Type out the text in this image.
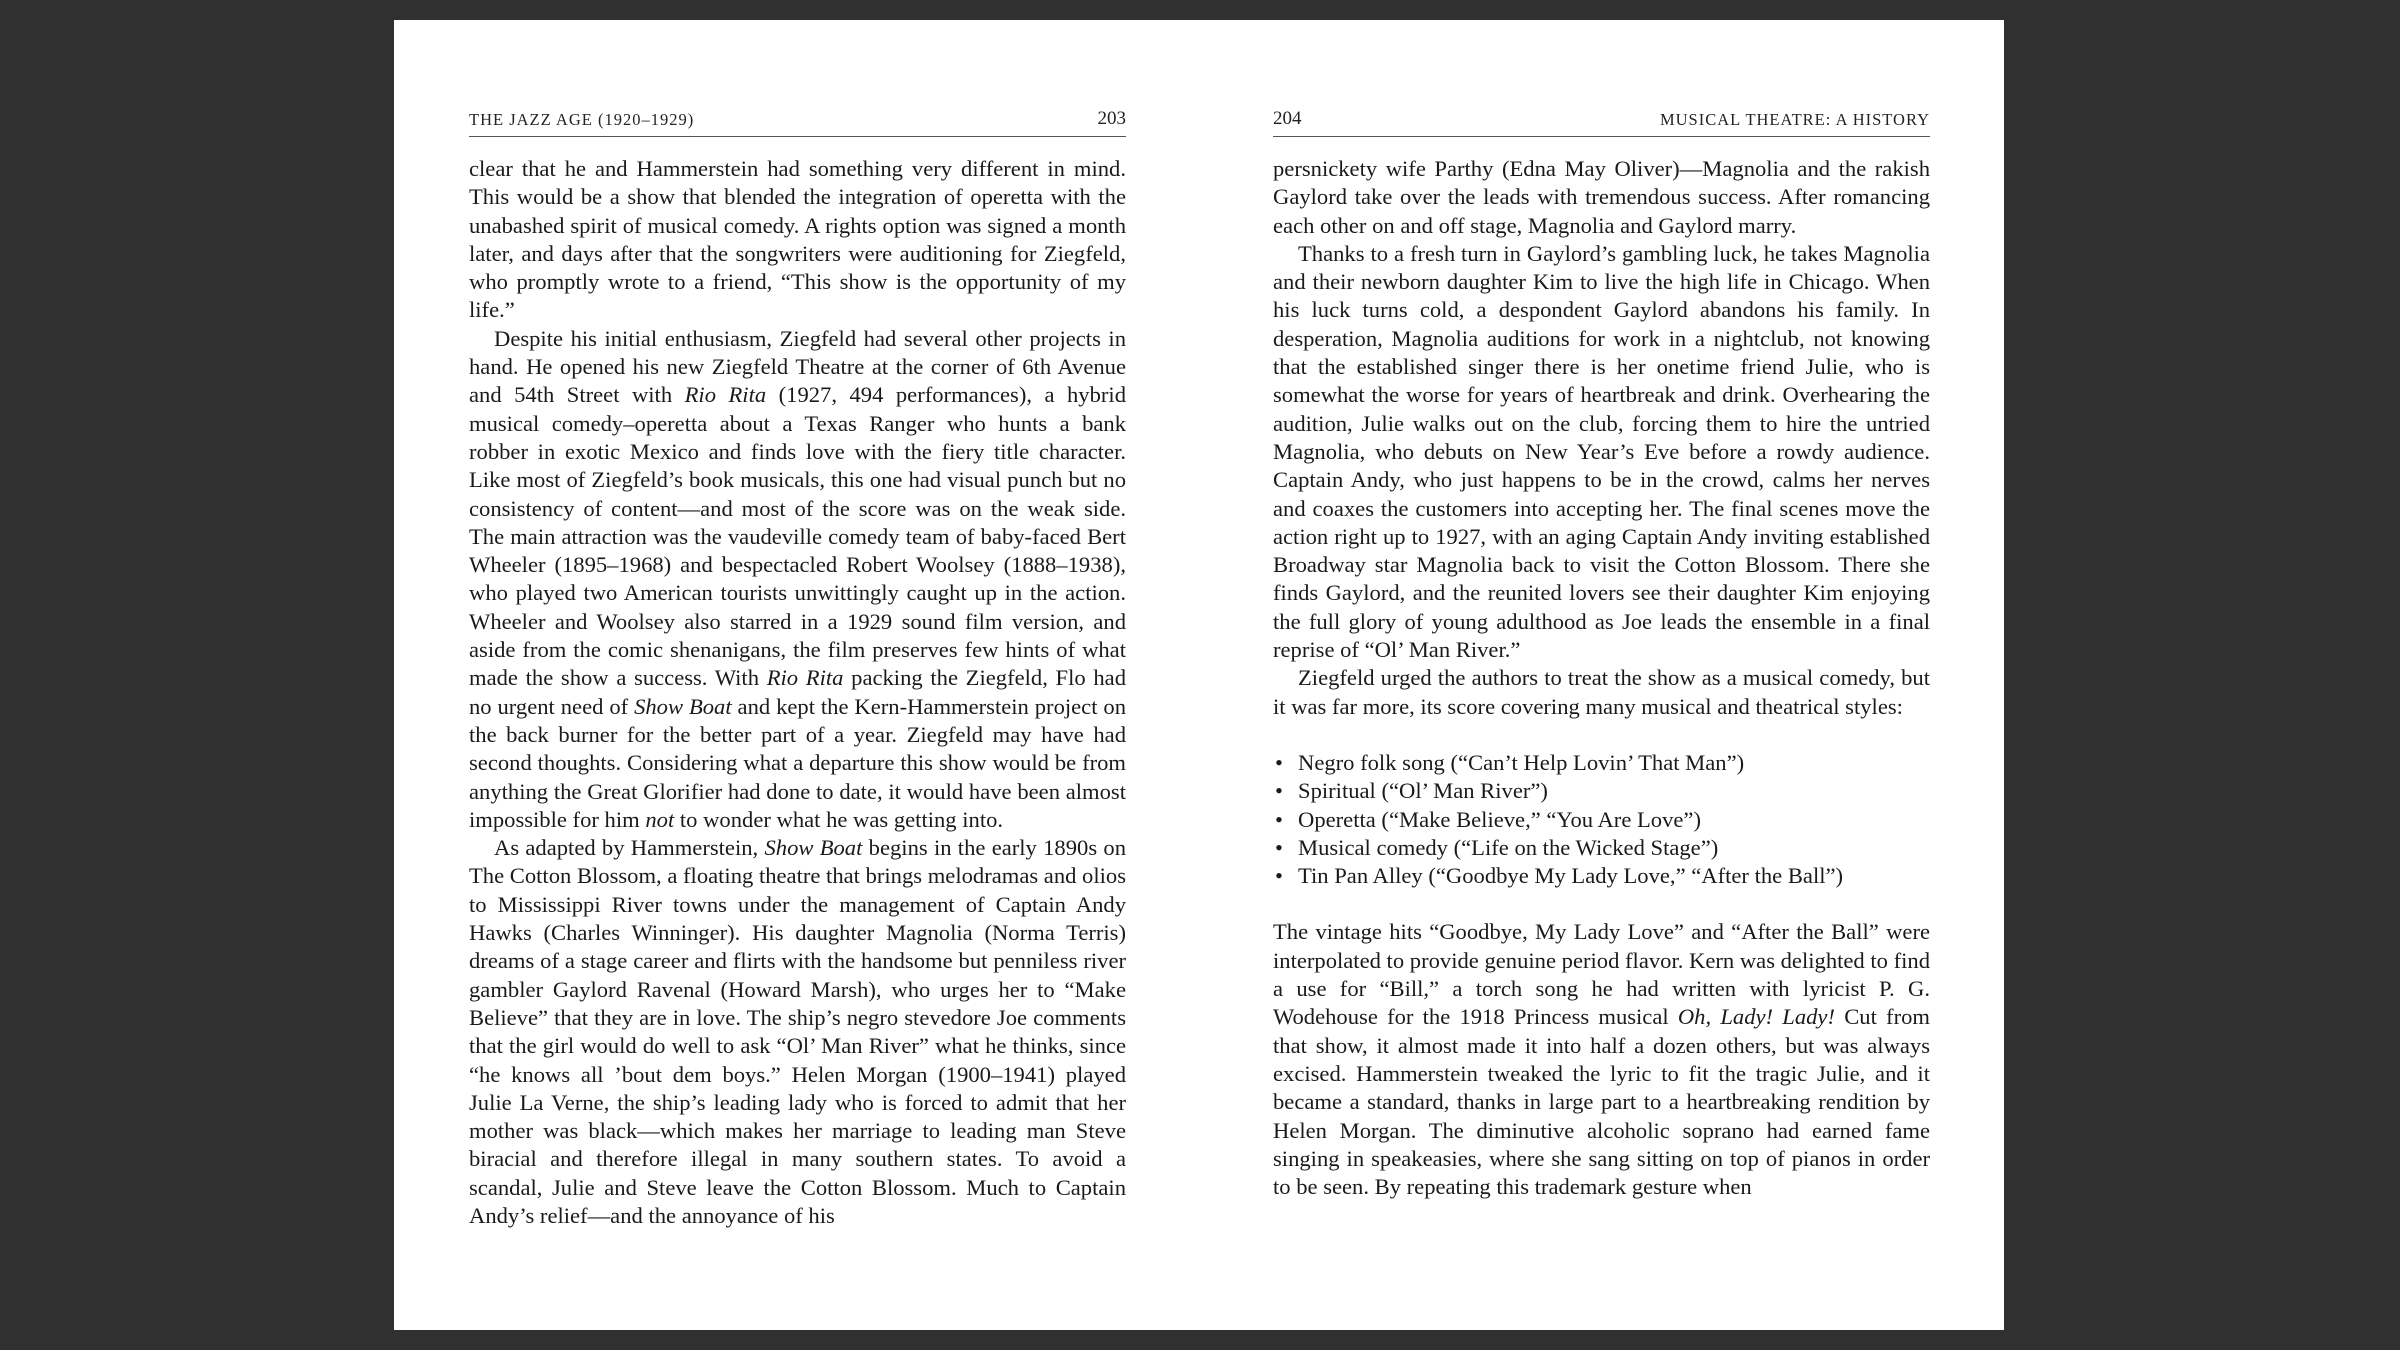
THE JAZZ AGE (1920–1929)	203

clear that he and Hammerstein had something very different in mind. This would be a show that blended the integration of operetta with the unabashed spirit of musical comedy. A rights option was signed a month later, and days after that the songwriters were auditioning for Ziegfeld, who promptly wrote to a friend, “This show is the opportunity of my life.”

Despite his initial enthusiasm, Ziegfeld had several other projects in hand. He opened his new Ziegfeld Theatre at the corner of 6th Avenue and 54th Street with Rio Rita (1927, 494 performances), a hybrid musical comedy–operetta about a Texas Ranger who hunts a bank robber in exotic Mexico and finds love with the fiery title character. Like most of Ziegfeld’s book musicals, this one had visual punch but no consistency of content—and most of the score was on the weak side. The main attraction was the vaudeville comedy team of baby-faced Bert Wheeler (1895–1968) and bespectacled Robert Woolsey (1888–1938), who played two American tourists unwittingly caught up in the action. Wheeler and Woolsey also starred in a 1929 sound film version, and aside from the comic shenanigans, the film preserves few hints of what made the show a success. With Rio Rita packing the Ziegfeld, Flo had no urgent need of Show Boat and kept the Kern-Hammerstein project on the back burner for the better part of a year. Ziegfeld may have had second thoughts. Considering what a departure this show would be from anything the Great Glorifier had done to date, it would have been almost impossible for him not to wonder what he was getting into.

As adapted by Hammerstein, Show Boat begins in the early 1890s on The Cotton Blossom, a floating theatre that brings melodramas and olios to Mississippi River towns under the management of Captain Andy Hawks (Charles Winninger). His daughter Magnolia (Norma Terris) dreams of a stage career and flirts with the handsome but penniless river gambler Gaylord Ravenal (Howard Marsh), who urges her to “Make Believe” that they are in love. The ship’s negro stevedore Joe comments that the girl would do well to ask “Ol’ Man River” what he thinks, since “he knows all ’bout dem boys.” Helen Morgan (1900–1941) played Julie La Verne, the ship’s leading lady who is forced to admit that her mother was black—which makes her marriage to leading man Steve biracial and therefore illegal in many southern states. To avoid a scandal, Julie and Steve leave the Cotton Blossom. Much to Captain Andy’s relief—and the annoyance of his

204	MUSICAL THEATRE: A HISTORY

persnickety wife Parthy (Edna May Oliver)—Magnolia and the rakish Gaylord take over the leads with tremendous success. After romancing each other on and off stage, Magnolia and Gaylord marry.

Thanks to a fresh turn in Gaylord’s gambling luck, he takes Magnolia and their newborn daughter Kim to live the high life in Chicago. When his luck turns cold, a despondent Gaylord abandons his family. In desperation, Magnolia auditions for work in a nightclub, not knowing that the established singer there is her onetime friend Julie, who is somewhat the worse for years of heartbreak and drink. Overhearing the audition, Julie walks out on the club, forcing them to hire the untried Magnolia, who debuts on New Year’s Eve before a rowdy audience. Captain Andy, who just happens to be in the crowd, calms her nerves and coaxes the customers into accepting her. The final scenes move the action right up to 1927, with an aging Captain Andy inviting established Broadway star Magnolia back to visit the Cotton Blossom. There she finds Gaylord, and the reunited lovers see their daughter Kim enjoying the full glory of young adulthood as Joe leads the ensemble in a final reprise of “Ol’ Man River.”

Ziegfeld urged the authors to treat the show as a musical comedy, but it was far more, its score covering many musical and theatrical styles:

• Negro folk song (“Can’t Help Lovin’ That Man”)
• Spiritual (“Ol’ Man River”)
• Operetta (“Make Believe,” “You Are Love”)
• Musical comedy (“Life on the Wicked Stage”)
• Tin Pan Alley (“Goodbye My Lady Love,” “After the Ball”)

The vintage hits “Goodbye, My Lady Love” and “After the Ball” were interpolated to provide genuine period flavor. Kern was delighted to find a use for “Bill,” a torch song he had written with lyricist P. G. Wodehouse for the 1918 Princess musical Oh, Lady! Lady! Cut from that show, it almost made it into half a dozen others, but was always excised. Hammerstein tweaked the lyric to fit the tragic Julie, and it became a standard, thanks in large part to a heartbreaking rendition by Helen Morgan. The diminutive alcoholic soprano had earned fame singing in speakeasies, where she sang sitting on top of pianos in order to be seen. By repeating this trademark gesture when
